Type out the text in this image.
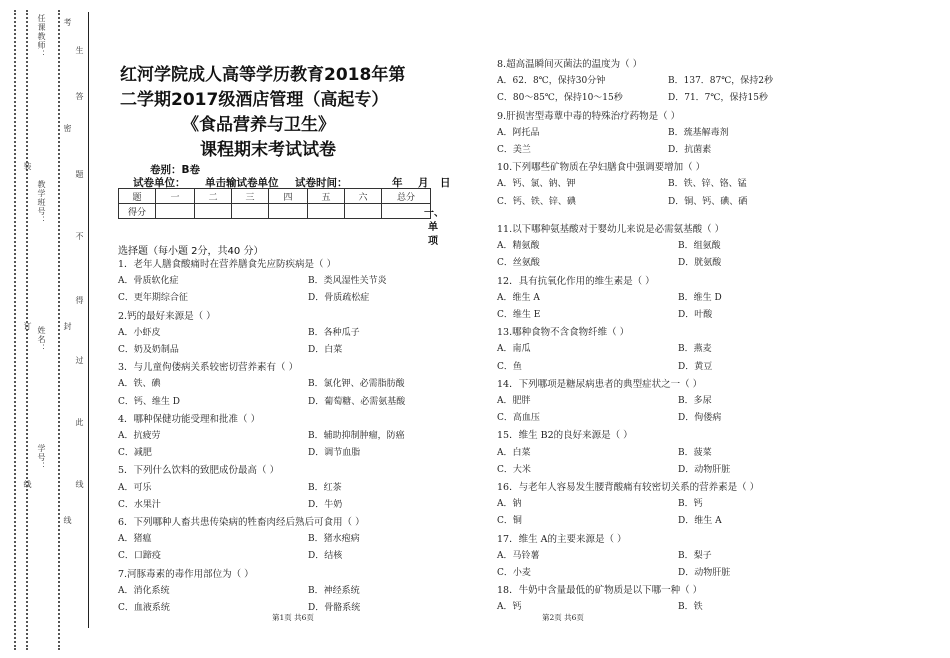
任课教师：
教学班号：
姓名：
学号：
装
订
线
考
生
答
密
题
不
得
封
过
此
线
线
红河学院成人高等学历教育2018年第
二学期2017级酒店管理（高起专）
《食品营养与卫生》
课程期末考试试卷
卷别：B卷
试卷单位： 单击输试卷单位 试卷时间：	年 月 日
题	一	二	三	四	五	六	总分
得分								一、
单
项
选择题（每小题 2分，共40 分）
1．老年人膳食酸痛时在营养膳食先应防疾病是（ ）
A．骨质软化症	B．类风湿性关节炎
C．更年期综合征	D．骨质疏松症
2.钙的最好来源是（ ）
A．小虾皮	B．各种瓜子
C．奶及奶制品	D．白菜
3．与儿童佝偻病关系较密切营养素有（ ）
A．铁、碘	B．氯化钾、必需脂肪酸
C．钙、维生 D	D．葡萄糖、必需氨基酸
4．哪种保健功能受理和批准（ ）
A．抗疲劳	B．辅助抑制肿瘤，防癌
C．减肥	D．调节血脂
5．下列什么饮料的致肥成份最高（ ）
A．可乐	B．红茶
C．水果汁	D．牛奶
6．下列哪种人畜共患传染病的牲畜肉经后熟后可食用（ ）
A．猪瘟	B．猪水疱病
C．口蹄疫	D．结核
7.河豚毒素的毒作用部位为（ ）
A．消化系统	B．神经系统
C．血液系统	D．骨骼系统
8.超高温瞬间灭菌法的温度为（ ）
A．62．8℃，保持30分钟	B．137．87℃，保持2秒
C．80～85℃，保持10～15秒	D．71．7℃，保持15秒
9.肝损害型毒蕈中毒的特殊治疗药物是（ ）
A．阿托品	B．巯基解毒剂
C．美兰	D．抗菌素
10.下列哪些矿物质在孕妇膳食中强调要增加（ ）
A．钙、氯、钠、钾	B．铁、锌、铬、锰
C．钙、铁、锌、碘	D．铜、钙、碘、硒
11.以下哪种氨基酸对于婴幼儿来说是必需氨基酸（ ）
A．精氨酸	B．组氨酸
C．丝氨酸	D．胱氨酸
12．具有抗氧化作用的维生素是（ ）
A．维生 A	B．维生 D
C．维生 E	D．叶酸
13.哪种食物不含食物纤维（ ）
A．南瓜	B．燕麦
C．鱼	D．黄豆
14．下列哪项是糖尿病患者的典型症状之一（ ）
A．肥胖	B．多尿
C．高血压	D．佝偻病
15．维生 B2的良好来源是（ ）
A．白菜	B．菠菜
C．大米	D．动物肝脏
16．与老年人容易发生腰背酸痛有较密切关系的营养素是（ ）
A．钠	B．钙
C．铜	D．维生 A
17．维生 A的主要来源是（ ）
A．马铃薯	B．梨子
C．小麦	D．动物肝脏
18．牛奶中含量最低的矿物质是以下哪一种（ ）
A．钙	B．铁
第1页 共6页	第2页 共6页
